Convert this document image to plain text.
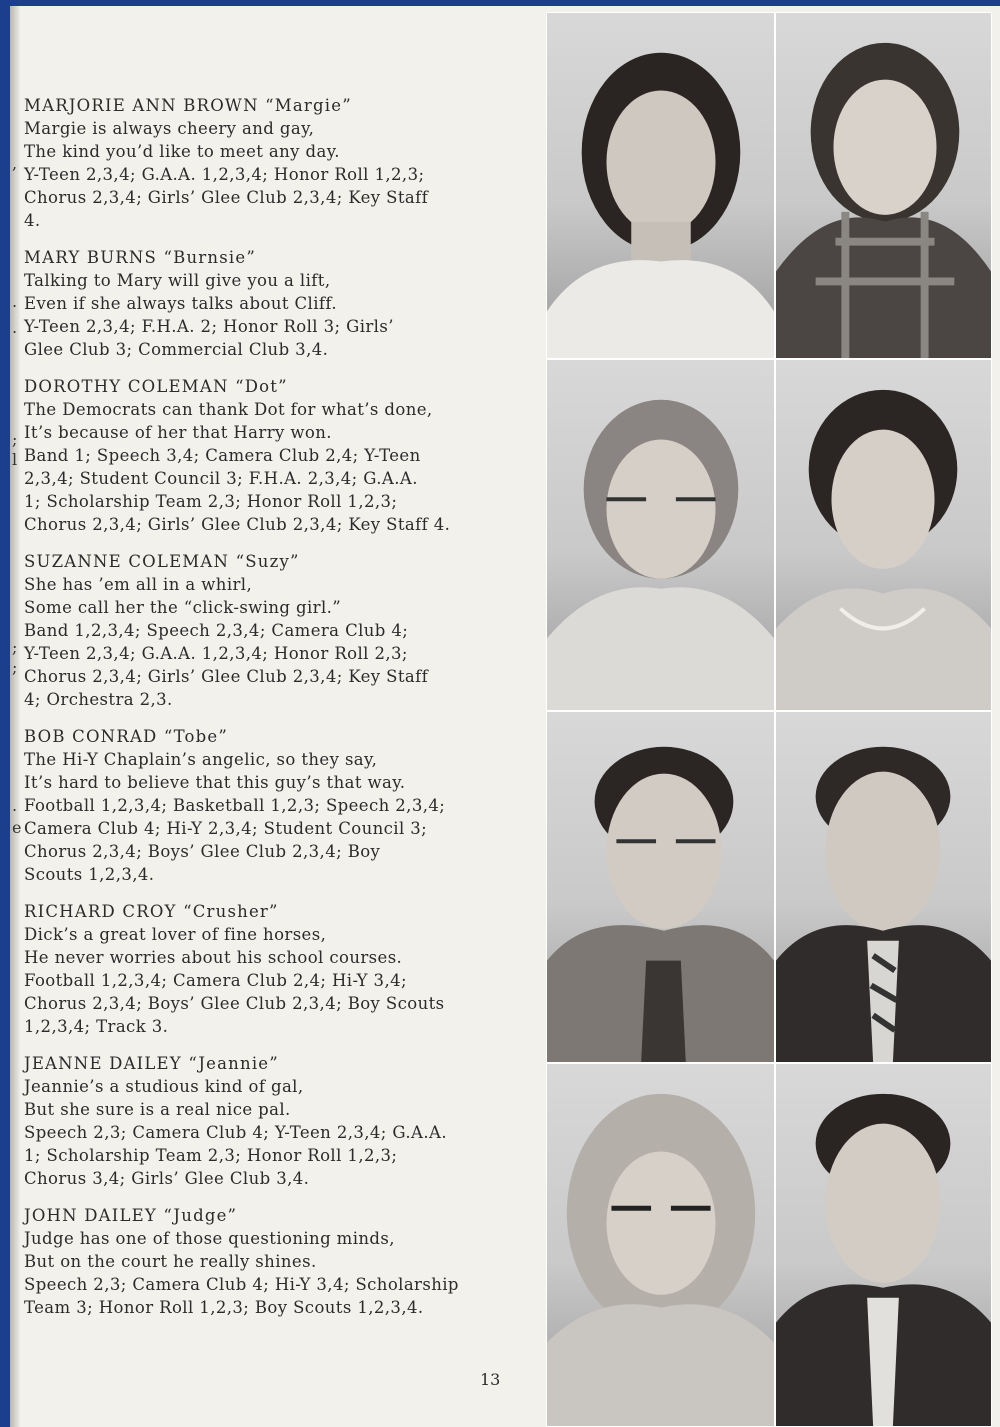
,
.
.
;
l
;
;
.
e

MARJORIE ANN BROWN “Margie”

Margie is always cheery and gay,

The kind you’d like to meet any day.

Y-Teen 2,3,4; G.A.A. 1,2,3,4; Honor Roll 1,2,3;

Chorus 2,3,4; Girls’ Glee Club 2,3,4; Key Staff

4.

MARY BURNS “Burnsie”

Talking to Mary will give you a lift,

Even if she always talks about Cliff.

Y-Teen 2,3,4; F.H.A. 2; Honor Roll 3; Girls’

Glee Club 3; Commercial Club 3,4.

DOROTHY COLEMAN “Dot”

The Democrats can thank Dot for what’s done,

It’s because of her that Harry won.

Band 1; Speech 3,4; Camera Club 2,4; Y-Teen

2,3,4; Student Council 3; F.H.A. 2,3,4; G.A.A.

1; Scholarship Team 2,3; Honor Roll 1,2,3;

Chorus 2,3,4; Girls’ Glee Club 2,3,4; Key Staff 4.

SUZANNE COLEMAN “Suzy”

She has ’em all in a whirl,

Some call her the “click-swing girl.”

Band 1,2,3,4; Speech 2,3,4; Camera Club 4;

Y-Teen 2,3,4; G.A.A. 1,2,3,4; Honor Roll 2,3;

Chorus 2,3,4; Girls’ Glee Club 2,3,4; Key Staff

4; Orchestra 2,3.

BOB CONRAD “Tobe”

The Hi-Y Chaplain’s angelic, so they say,

It’s hard to believe that this guy’s that way.

Football 1,2,3,4; Basketball 1,2,3; Speech 2,3,4;

Camera Club 4; Hi-Y 2,3,4; Student Council 3;

Chorus 2,3,4; Boys’ Glee Club 2,3,4; Boy

Scouts 1,2,3,4.

RICHARD CROY “Crusher”

Dick’s a great lover of fine horses,

He never worries about his school courses.

Football 1,2,3,4; Camera Club 2,4; Hi-Y 3,4;

Chorus 2,3,4; Boys’ Glee Club 2,3,4; Boy Scouts

1,2,3,4; Track 3.

JEANNE DAILEY “Jeannie”

Jeannie’s a studious kind of gal,

But she sure is a real nice pal.

Speech 2,3; Camera Club 4; Y-Teen 2,3,4; G.A.A.

1; Scholarship Team 2,3; Honor Roll 1,2,3;

Chorus 3,4; Girls’ Glee Club 3,4.

JOHN DAILEY “Judge”

Judge has one of those questioning minds,

But on the court he really shines.

Speech 2,3; Camera Club 4; Hi-Y 3,4; Scholarship

Team 3; Honor Roll 1,2,3; Boy Scouts 1,2,3,4.

13
